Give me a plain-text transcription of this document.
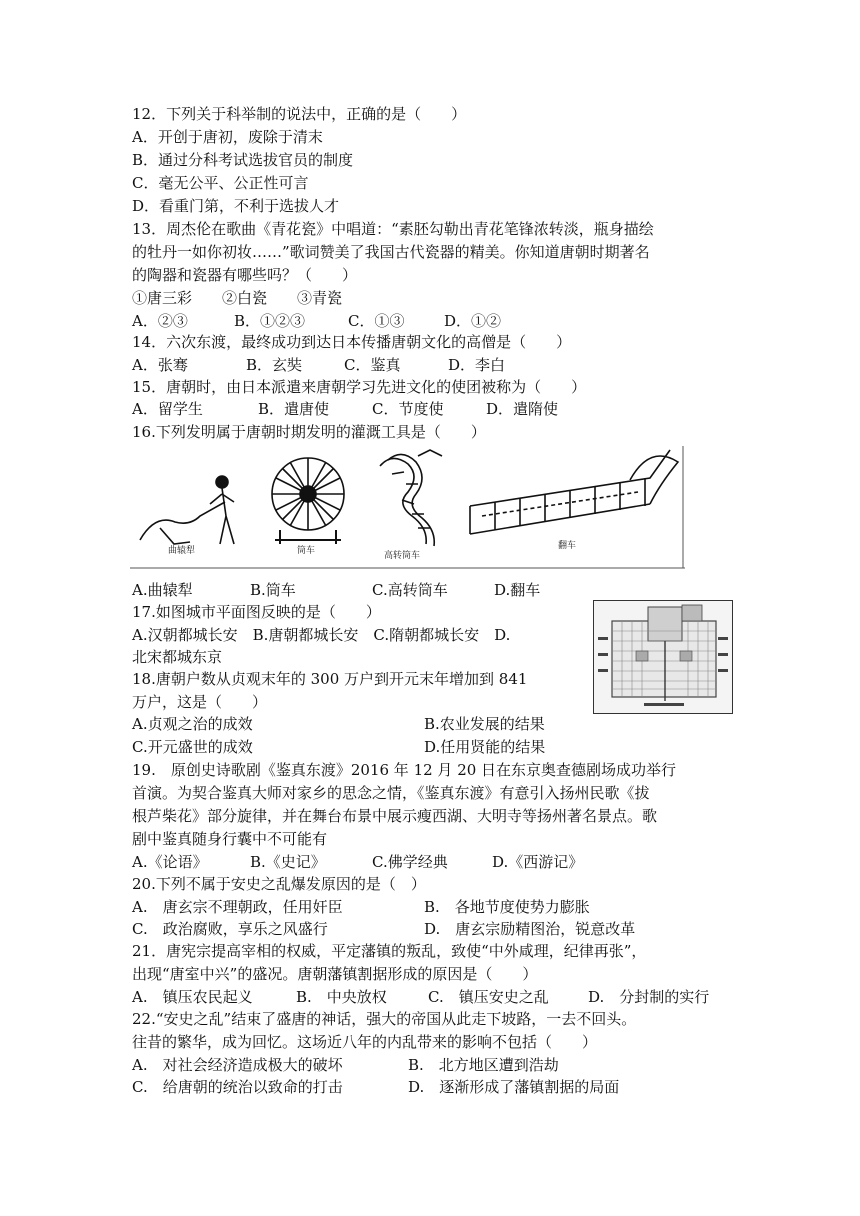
12．下列关于科举制的说法中，正确的是（　　）
A．开创于唐初，废除于清末
B．通过分科考试选拔官员的制度
C．毫无公平、公正性可言
D．看重门第，不利于选拔人才
13．周杰伦在歌曲《青花瓷》中唱道：“素胚勾勒出青花笔锋浓转淡，瓶身描绘
的牡丹一如你初妆……”歌词赞美了我国古代瓷器的精美。你知道唐朝时期著名
的陶器和瓷器有哪些吗？（　　）
①唐三彩　　②白瓷　　③青瓷
A．②③	B．①②③	C．①③	D．①②
14．六次东渡，最终成功到达日本传播唐朝文化的高僧是（　　）
A．张骞	B．玄奘	C．鉴真	D．李白
15．唐朝时，由日本派遣来唐朝学习先进文化的使团被称为（　　）
A．留学生	B．遣唐使	C．节度使	D．遣隋使
16.下列发明属于唐朝时期发明的灌溉工具是（　　）
曲辕犁	筒车	高转筒车
翻车
A.曲辕犁	B.筒车	C.高转筒车	D.翻车
17.如图城市平面图反映的是（　　）
A.汉朝都城长安　B.唐朝都城长安　C.隋朝都城长安　D.
北宋都城东京
18.唐朝户数从贞观末年的 300 万户到开元末年增加到 841
万户，这是（　　）
A.贞观之治的成效	B.农业发展的结果
C.开元盛世的成效	D.任用贤能的结果
19.　原创史诗歌剧《鉴真东渡》2016 年 12 月 20 日在东京奥查德剧场成功举行
首演。为契合鉴真大师对家乡的思念之情，《鉴真东渡》有意引入扬州民歌《拔
根芦柴花》部分旋律，并在舞台布景中展示瘦西湖、大明寺等扬州著名景点。歌
剧中鉴真随身行囊中不可能有
A.《论语》	B.《史记》	C.佛学经典	D.《西游记》
20.下列不属于安史之乱爆发原因的是（　）
A.　唐玄宗不理朝政，任用奸臣	B.　各地节度使势力膨胀
C.　政治腐败，享乐之风盛行	D.　唐玄宗励精图治，锐意改革
21．唐宪宗提高宰相的权威，平定藩镇的叛乱，致使“中外咸理，纪律再张”，
出现“唐室中兴”的盛况。唐朝藩镇割据形成的原因是（　　）
A.　镇压农民起义	B.　中央放权	C.　镇压安史之乱	D.　分封制的实行
22.“安史之乱”结束了盛唐的神话，强大的帝国从此走下坡路，一去不回头。
往昔的繁华，成为回忆。这场近八年的内乱带来的影响不包括（　　）
A.　对社会经济造成极大的破坏	B.　北方地区遭到浩劫
C.　给唐朝的统治以致命的打击	D.　逐渐形成了藩镇割据的局面
